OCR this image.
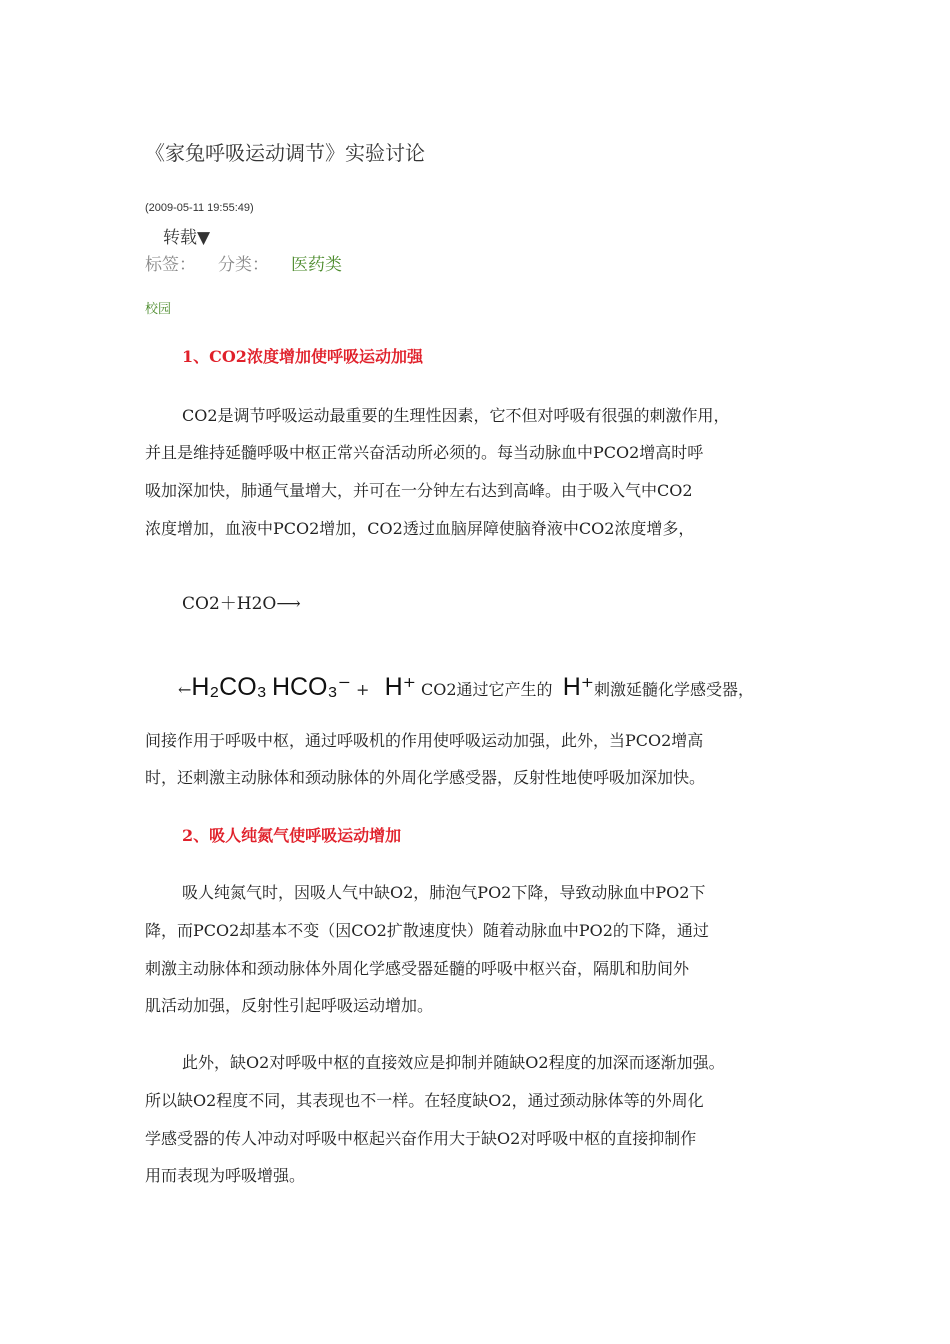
《家兔呼吸运动调节》实验讨论
(2009-05-11 19:55:49)
转载▼
标签： 分类： 医药类
校园
1、CO2浓度增加使呼吸运动加强
CO2是调节呼吸运动最重要的生理性因素，它不但对呼吸有很强的刺激作用，
并且是维持延髓呼吸中枢正常兴奋活动所必须的。每当动脉血中PCO2增高时呼
吸加深加快，肺通气量增大，并可在一分钟左右达到高峰。由于吸入气中CO2
浓度增加，血液中PCO2增加，CO2透过血脑屏障使脑脊液中CO2浓度增多，
CO2＋H2O⟶
←H₂CO₃ HCO₃⁻ + H⁺ CO2通过它产生的 H⁺刺激延髓化学感受器，
间接作用于呼吸中枢，通过呼吸机的作用使呼吸运动加强，此外，当PCO2增高
时，还刺激主动脉体和颈动脉体的外周化学感受器，反射性地使呼吸加深加快。
2、吸人纯氮气使呼吸运动增加
吸人纯氮气时，因吸人气中缺O2，肺泡气PO2下降，导致动脉血中PO2下
降，而PCO2却基本不变（因CO2扩散速度快）随着动脉血中PO2的下降，通过
刺激主动脉体和颈动脉体外周化学感受器延髓的呼吸中枢兴奋，隔肌和肋间外
肌活动加强，反射性引起呼吸运动增加。
此外，缺O2对呼吸中枢的直接效应是抑制并随缺O2程度的加深而逐渐加强。
所以缺O2程度不同，其表现也不一样。在轻度缺O2，通过颈动脉体等的外周化
学感受器的传人冲动对呼吸中枢起兴奋作用大于缺O2对呼吸中枢的直接抑制作
用而表现为呼吸增强。
